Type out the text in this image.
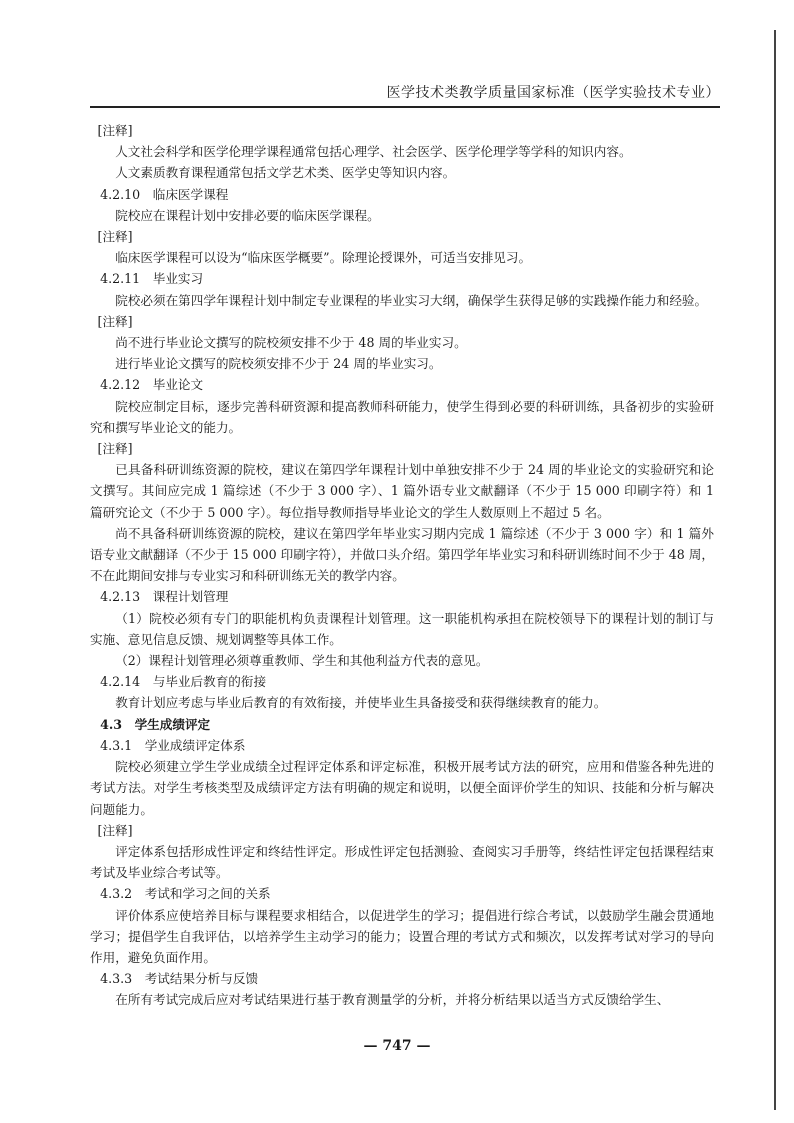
医学技术类教学质量国家标准（医学实验技术专业）

[注释]

人文社会科学和医学伦理学课程通常包括心理学、社会医学、医学伦理学等学科的知识内容。

人文素质教育课程通常包括文学艺术类、医学史等知识内容。

4.2.10　临床医学课程

院校应在课程计划中安排必要的临床医学课程。

[注释]

临床医学课程可以设为“临床医学概要”。除理论授课外，可适当安排见习。

4.2.11　毕业实习

院校必须在第四学年课程计划中制定专业课程的毕业实习大纲，确保学生获得足够的实践操作能力和经验。

[注释]

尚不进行毕业论文撰写的院校须安排不少于 48 周的毕业实习。

进行毕业论文撰写的院校须安排不少于 24 周的毕业实习。

4.2.12　毕业论文

院校应制定目标，逐步完善科研资源和提高教师科研能力，使学生得到必要的科研训练，具备初步的实验研究和撰写毕业论文的能力。

[注释]

已具备科研训练资源的院校，建议在第四学年课程计划中单独安排不少于 24 周的毕业论文的实验研究和论文撰写。其间应完成 1 篇综述（不少于 3 000 字）、1 篇外语专业文献翻译（不少于 15 000 印刷字符）和 1 篇研究论文（不少于 5 000 字）。每位指导教师指导毕业论文的学生人数原则上不超过 5 名。

尚不具备科研训练资源的院校，建议在第四学年毕业实习期内完成 1 篇综述（不少于 3 000 字）和 1 篇外语专业文献翻译（不少于 15 000 印刷字符），并做口头介绍。第四学年毕业实习和科研训练时间不少于 48 周，不在此期间安排与专业实习和科研训练无关的教学内容。

4.2.13　课程计划管理

（1）院校必须有专门的职能机构负责课程计划管理。这一职能机构承担在院校领导下的课程计划的制订与实施、意见信息反馈、规划调整等具体工作。

（2）课程计划管理必须尊重教师、学生和其他利益方代表的意见。

4.2.14　与毕业后教育的衔接

教育计划应考虑与毕业后教育的有效衔接，并使毕业生具备接受和获得继续教育的能力。

4.3　学生成绩评定

4.3.1　学业成绩评定体系

院校必须建立学生学业成绩全过程评定体系和评定标准，积极开展考试方法的研究，应用和借鉴各种先进的考试方法。对学生考核类型及成绩评定方法有明确的规定和说明，以便全面评价学生的知识、技能和分析与解决问题能力。

[注释]

评定体系包括形成性评定和终结性评定。形成性评定包括测验、查阅实习手册等，终结性评定包括课程结束考试及毕业综合考试等。

4.3.2　考试和学习之间的关系

评价体系应使培养目标与课程要求相结合，以促进学生的学习；提倡进行综合考试，以鼓励学生融会贯通地学习；提倡学生自我评估，以培养学生主动学习的能力；设置合理的考试方式和频次，以发挥考试对学习的导向作用，避免负面作用。

4.3.3　考试结果分析与反馈

在所有考试完成后应对考试结果进行基于教育测量学的分析，并将分析结果以适当方式反馈给学生、

— 747 —
